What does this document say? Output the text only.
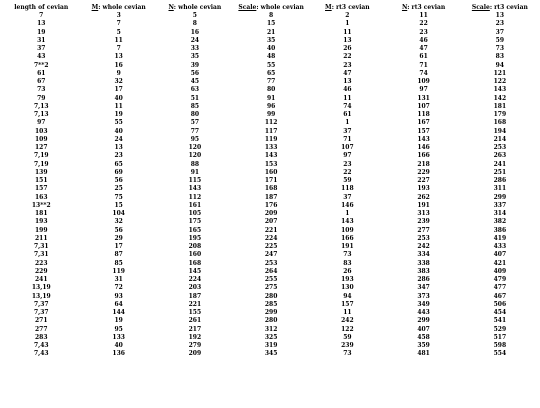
length of cevian	M: whole cevian	N: whole cevian	Scale: whole cevian	M: rt3 cevian	N: rt3 cevian	Scale: rt3 cevian
7	3	5	8	2	11	13
13	7	8	15	1	22	23
19	5	16	21	11	23	37
31	11	24	35	13	46	59
37	7	33	40	26	47	73
43	13	35	48	22	61	83
7**2	16	39	55	23	71	94
61	9	56	65	47	74	121
67	32	45	77	13	109	122
73	17	63	80	46	97	143
79	40	51	91	11	131	142
7,13	11	85	96	74	107	181
7,13	19	80	99	61	118	179
97	55	57	112	1	167	168
103	40	77	117	37	157	194
109	24	95	119	71	143	214
127	13	120	133	107	146	253
7,19	23	120	143	97	166	263
7,19	65	88	153	23	218	241
139	69	91	160	22	229	251
151	56	115	171	59	227	286
157	25	143	168	118	193	311
163	75	112	187	37	262	299
13**2	15	161	176	146	191	337
181	104	105	209	1	313	314
193	32	175	207	143	239	382
199	56	165	221	109	277	386
211	29	195	224	166	253	419
7,31	17	208	225	191	242	433
7,31	87	160	247	73	334	407
223	85	168	253	83	338	421
229	119	145	264	26	383	409
241	31	224	255	193	286	479
13,19	72	203	275	130	347	477
13,19	93	187	280	94	373	467
7,37	64	221	285	157	349	506
7,37	144	155	299	11	443	454
271	19	261	280	242	299	541
277	95	217	312	122	407	529
283	133	192	325	59	458	517
7,43	40	279	319	239	359	598
7,43	136	209	345	73	481	554
